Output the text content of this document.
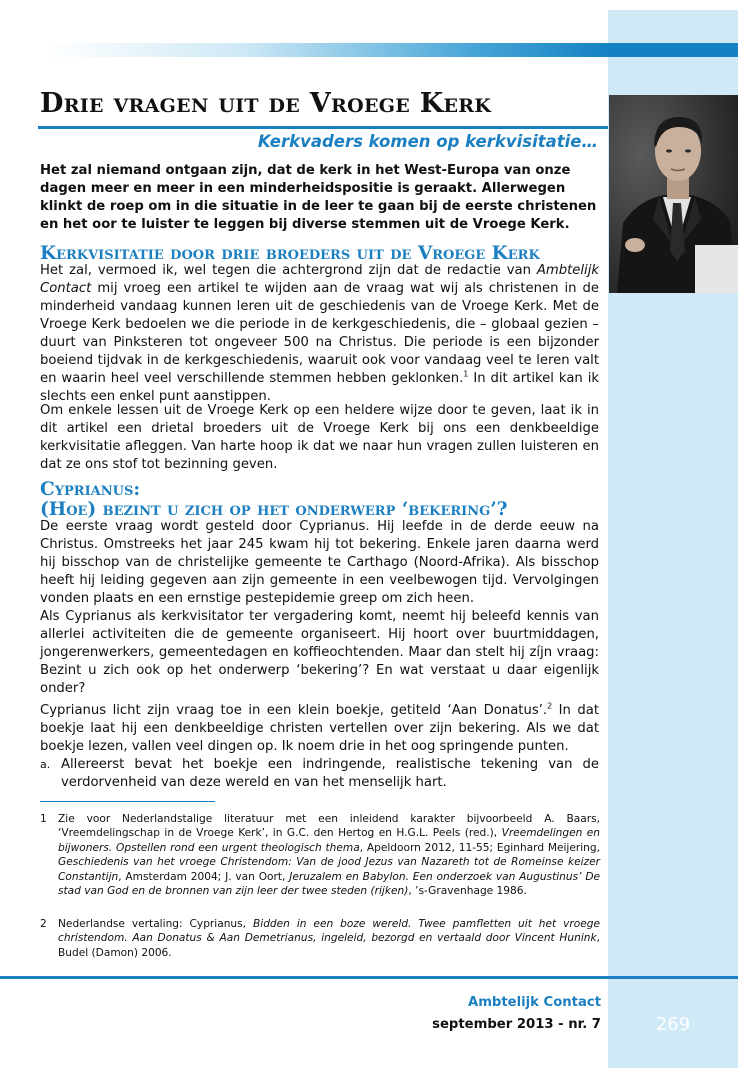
Drie vragen uit de Vroege Kerk
Kerkvaders komen op kerkvisitatie…

Het zal niemand ontgaan zijn, dat de kerk in het West-Europa van onze dagen meer en meer in een minderheidspositie is geraakt. Allerwegen klinkt de roep om in die situatie in de leer te gaan bij de eerste christenen en het oor te luister te leggen bij diverse stemmen uit de Vroege Kerk.

Kerkvisitatie door drie broeders uit de Vroege Kerk

Het zal, vermoed ik, wel tegen die achtergrond zijn dat de redactie van Ambtelijk Contact mij vroeg een artikel te wijden aan de vraag wat wij als christenen in de minderheid vandaag kunnen leren uit de geschiedenis van de Vroege Kerk. Met de Vroege Kerk bedoelen we die periode in de kerkgeschiedenis, die – globaal gezien – duurt van Pinksteren tot ongeveer 500 na Christus. Die periode is een bijzonder boeiend tijdvak in de kerkgeschiedenis, waaruit ook voor vandaag veel te leren valt en waarin heel veel verschillende stemmen hebben geklonken.$^1$ In dit artikel kan ik slechts een enkel punt aanstippen.

Om enkele lessen uit de Vroege Kerk op een heldere wijze door te geven, laat ik in dit artikel een drietal broeders uit de Vroege Kerk bij ons een denkbeeldige kerkvisitatie afleggen. Van harte hoop ik dat we naar hun vragen zullen luisteren en dat ze ons stof tot bezinning geven.

Cyprianus:
(Hoe) bezint u zich op het onderwerp ‘bekering’?

De eerste vraag wordt gesteld door Cyprianus. Hij leefde in de derde eeuw na Christus. Omstreeks het jaar 245 kwam hij tot bekering. Enkele jaren daarna werd hij bisschop van de christelijke gemeente te Carthago (Noord-Afrika). Als bisschop heeft hij leiding gegeven aan zijn gemeente in een veelbewogen tijd. Vervolgingen vonden plaats en een ernstige pestepidemie greep om zich heen.

Als Cyprianus als kerkvisitator ter vergadering komt, neemt hij beleefd kennis van allerlei activiteiten die de gemeente organiseert. Hij hoort over buurtmiddagen, jongerenwerkers, gemeentedagen en koffieochtenden. Maar dan stelt hij zíjn vraag: Bezint u zich ook op het onderwerp ‘bekering’? En wat verstaat u daar eigenlijk onder?

Cyprianus licht zijn vraag toe in een klein boekje, getiteld ‘Aan Donatus’.$^2$ In dat boekje laat hij een denkbeeldige christen vertellen over zijn bekering. Als we dat boekje lezen, vallen veel dingen op. Ik noem drie in het oog springende punten.

a. Allereerst bevat het boekje een indringende, realistische tekening van de verdorvenheid van deze wereld en van het menselijk hart.
1 Zie voor Nederlandstalige literatuur met een inleidend karakter bijvoorbeeld A. Baars, ‘Vreemdelingschap in de Vroege Kerk’, in G.C. den Hertog en H.G.L. Peels (red.), Vreemdelingen en bijwoners. Opstellen rond een urgent theologisch thema, Apeldoorn 2012, 11-55; Eginhard Meijering, Geschiedenis van het vroege Christendom: Van de jood Jezus van Nazareth tot de Romeinse keizer Constantijn, Amsterdam 2004; J. van Oort, Jeruzalem en Babylon. Een onderzoek van Augustinus’ De stad van God en de bronnen van zijn leer der twee steden (rijken), ’s-Gravenhage 1986.
2 Nederlandse vertaling: Cyprianus, Bidden in een boze wereld. Twee pamfletten uit het vroege christendom. Aan Donatus & Aan Demetrianus, ingeleid, bezorgd en vertaald door Vincent Hunink, Budel (Damon) 2006.
Ambtelijk Contact
september 2013 - nr. 7	269
